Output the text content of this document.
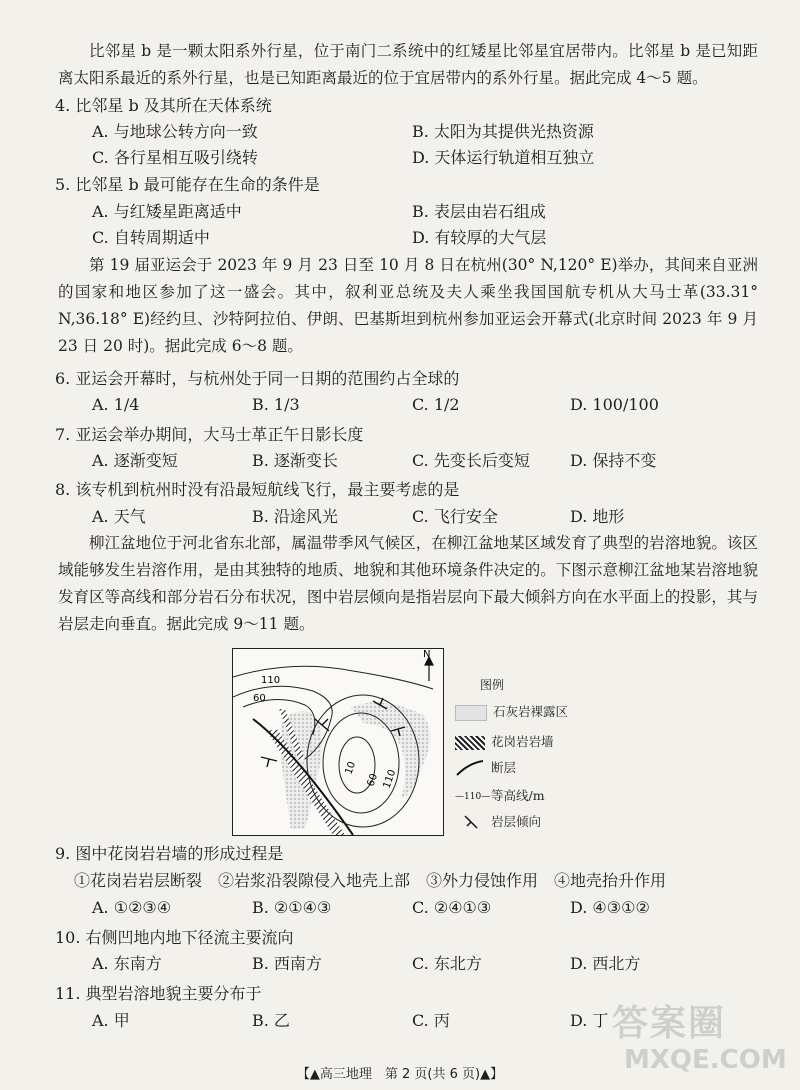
比邻星 b 是一颗太阳系外行星，位于南门二系统中的红矮星比邻星宜居带内。比邻星 b 是已知距离太阳系最近的系外行星，也是已知距离最近的位于宜居带内的系外行星。据此完成 4～5 题。
4. 比邻星 b 及其所在天体系统
A. 与地球公转方向一致	B. 太阳为其提供光热资源
C. 各行星相互吸引绕转	D. 天体运行轨道相互独立
5. 比邻星 b 最可能存在生命的条件是
A. 与红矮星距离适中	B. 表层由岩石组成
C. 自转周期适中	D. 有较厚的大气层
第 19 届亚运会于 2023 年 9 月 23 日至 10 月 8 日在杭州(30° N,120° E)举办，其间来自亚洲的国家和地区参加了这一盛会。其中，叙利亚总统及夫人乘坐我国国航专机从大马士革(33.31° N,36.18° E)经约旦、沙特阿拉伯、伊朗、巴基斯坦到杭州参加亚运会开幕式(北京时间 2023 年 9 月 23 日 20 时)。据此完成 6～8 题。
6. 亚运会开幕时，与杭州处于同一日期的范围约占全球的
A. 1/4	B. 1/3	C. 1/2	D. 100/100
7. 亚运会举办期间，大马士革正午日影长度
A. 逐渐变短	B. 逐渐变长	C. 先变长后变短	D. 保持不变
8. 该专机到杭州时没有沿最短航线飞行，最主要考虑的是
A. 天气	B. 沿途风光	C. 飞行安全	D. 地形
柳江盆地位于河北省东北部，属温带季风气候区，在柳江盆地某区域发育了典型的岩溶地貌。该区域能够发生岩溶作用，是由其独特的地质、地貌和其他环境条件决定的。下图示意柳江盆地某岩溶地貌发育区等高线和部分岩石分布状况，图中岩层倾向是指岩层向下最大倾斜方向在水平面上的投影，其与岩层走向垂直。据此完成 9～11 题。
N
110
60
110
60
10
图例
石灰岩裸露区
花岗岩岩墙
断层
—110—等高线/m
岩层倾向
9. 图中花岗岩岩墙的形成过程是
①花岗岩岩层断裂　②岩浆沿裂隙侵入地壳上部　③外力侵蚀作用　④地壳抬升作用
A. ①②③④	B. ②①④③	C. ②④①③	D. ④③①②
10. 右侧凹地内地下径流主要流向
A. 东南方	B. 西南方	C. 东北方	D. 西北方
11. 典型岩溶地貌主要分布于
A. 甲	B. 乙	C. 丙	D. 丁
【▲高三地理　第 2 页(共 6 页)▲】
答案圈
MXQE.COM
